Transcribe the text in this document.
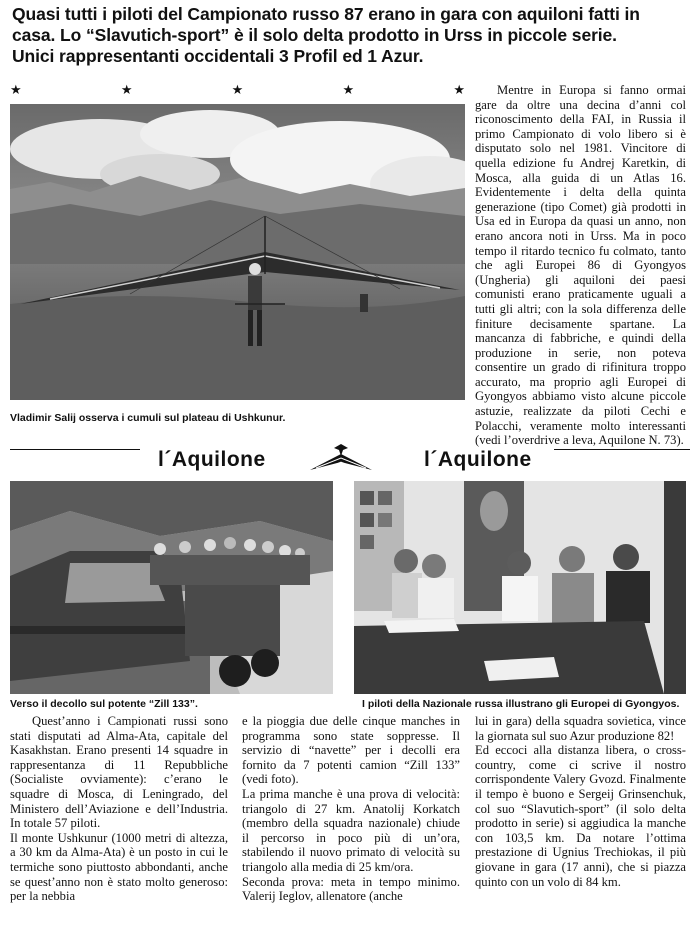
Quasi tutti i piloti del Campionato russo 87 erano in gara con aquiloni fatti in
casa. Lo “Slavutich-sport” è il solo delta prodotto in Urss in piccole serie.
Unici rappresentanti occidentali 3 Profil ed 1 Azur.
★	★	★	★	★
Vladimir Salij osserva i cumuli sul plateau di Ushkunur.

Mentre in Europa si fanno ormai gare da oltre una decina d’anni col riconoscimento della FAI, in Russia il primo Campionato di volo libero si è disputato solo nel 1981. Vincitore di quella edizione fu Andrej Karetkin, di Mosca, alla guida di un Atlas 16. Evidentemente i delta della quinta generazione (tipo Comet) già prodotti in Usa ed in Europa da quasi un anno, non erano ancora noti in Urss. Ma in poco tempo il ritardo tecnico fu colmato, tanto che agli Europei 86 di Gyongyos (Ungheria) gli aquiloni dei paesi comunisti erano praticamente uguali a tutti gli altri; con la sola differenza delle finiture decisamente spartane. La mancanza di fabbriche, e quindi della produzione in serie, non poteva consentire un grado di rifinitura troppo accurato, ma proprio agli Europei di Gyongyos abbiamo visto alcune piccole astuzie, realizzate da piloti Cechi e Polacchi, veramente molto interessanti (vedi l’overdrive a leva, Aquilone N. 73).

l´Aquilone	l´Aquilone
Verso il decollo sul potente “Zill 133”.	I piloti della Nazionale russa illustrano gli Europei di Gyongyos.

Quest’anno i Campionati russi sono stati disputati ad Alma-Ata, capitale del Kasakhstan. Erano presenti 14 squadre in rappresentanza di 11 Repubbliche (Socialiste ovviamente): c’erano le squadre di Mosca, di Leningrado, del Ministero dell’Aviazione e dell’Industria. In totale 57 piloti.

Il monte Ushkunur (1000 metri di altezza, a 30 km da Alma-Ata) è un posto in cui le termiche sono piuttosto abbondanti, anche se quest’anno non è stato molto generoso: per la nebbia

e la pioggia due delle cinque manches in programma sono state soppresse. Il servizio di “navette” per i decolli era fornito da 7 potenti camion “Zill 133” (vedi foto).

La prima manche è una prova di velocità: triangolo di 27 km. Anatolij Korkatch (membro della squadra nazionale) chiude il percorso in poco più di un’ora, stabilendo il nuovo primato di velocità su triangolo alla media di 25 km/ora.

Seconda prova: meta in tempo minimo. Valerij Ieglov, allenatore (anche

lui in gara) della squadra sovietica, vince la giornata sul suo Azur produzione 82!

Ed eccoci alla distanza libera, o cross-country, come ci scrive il nostro corrispondente Valery Gvozd. Finalmente il tempo è buono e Sergeij Grinsenchuk, col suo “Slavutich-sport” (il solo delta prodotto in serie) si aggiudica la manche con 103,5 km. Da notare l’ottima prestazione di Ugnius Trechiokas, il più giovane in gara (17 anni), che si piazza quinto con un volo di 84 km.
